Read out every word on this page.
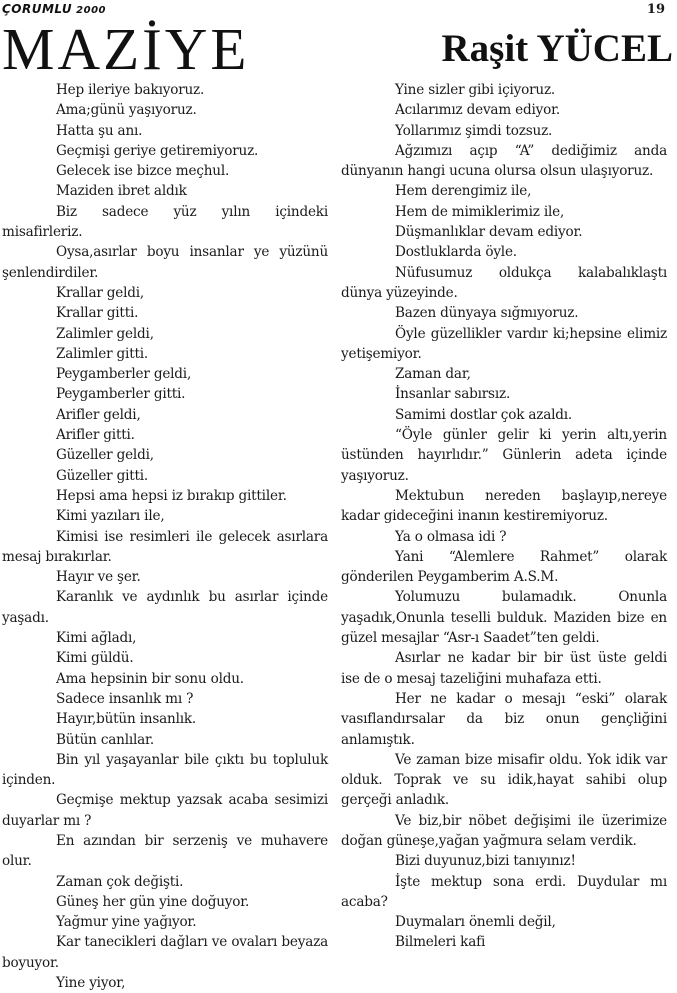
ÇORUMLU 2000	19
MAZİYE	Raşit YÜCEL

Hep ileriye bakıyoruz.

Ama;günü yaşıyoruz.

Hatta şu anı.

Geçmişi geriye getiremiyoruz.

Gelecek ise bizce meçhul.

Maziden ibret aldık

Biz sadece yüz yılın içindeki misafirleriz.

Oysa,asırlar boyu insanlar ye yüzünü şenlendirdiler.

Krallar geldi,

Krallar gitti.

Zalimler geldi,

Zalimler gitti.

Peygamberler geldi,

Peygamberler gitti.

Arifler geldi,

Arifler gitti.

Güzeller geldi,

Güzeller gitti.

Hepsi ama hepsi iz bırakıp gittiler.

Kimi yazıları ile,

Kimisi ise resimleri ile gelecek asırlara mesaj bırakırlar.

Hayır ve şer.

Karanlık ve aydınlık bu asırlar içinde yaşadı.

Kimi ağladı,

Kimi güldü.

Ama hepsinin bir sonu oldu.

Sadece insanlık mı ?

Hayır,bütün insanlık.

Bütün canlılar.

Bin yıl yaşayanlar bile çıktı bu topluluk içinden.

Geçmişe mektup yazsak acaba sesimizi duyarlar mı ?

En azından bir serzeniş ve muhavere olur.

Zaman çok değişti.

Güneş her gün yine doğuyor.

Yağmur yine yağıyor.

Kar tanecikleri dağları ve ovaları beyaza boyuyor.

Yine yiyor,

Yine sizler gibi içiyoruz.

Acılarımız devam ediyor.

Yollarımız şimdi tozsuz.

Ağzımızı açıp “A” dediğimiz anda dünyanın hangi ucuna olursa olsun ulaşıyoruz.

Hem derengimiz ile,

Hem de mimiklerimiz ile,

Düşmanlıklar devam ediyor.

Dostluklarda öyle.

Nüfusumuz oldukça kalabalıklaştı dünya yüzeyinde.

Bazen dünyaya sığmıyoruz.

Öyle güzellikler vardır ki;hepsine elimiz yetişemiyor.

Zaman dar,

İnsanlar sabırsız.

Samimi dostlar çok azaldı.

“Öyle günler gelir ki yerin altı,yerin üstünden hayırlıdır.” Günlerin adeta içinde yaşıyoruz.

Mektubun nereden başlayıp,nereye kadar gideceğini inanın kestiremiyoruz.

Ya o olmasa idi ?

Yani “Alemlere Rahmet” olarak gönderilen Peygamberim A.S.M.

Yolumuzu bulamadık. Onunla yaşadık,Onunla teselli bulduk. Maziden bize en güzel mesajlar “Asr-ı Saadet”ten geldi.

Asırlar ne kadar bir bir üst üste geldi ise de o mesaj tazeliğini muhafaza etti.

Her ne kadar o mesajı “eski” olarak vasıflandırsalar da biz onun gençliğini anlamıştık.

Ve zaman bize misafir oldu. Yok idik var olduk. Toprak ve su idik,hayat sahibi olup gerçeği anladık.

Ve biz,bir nöbet değişimi ile üzerimize doğan güneşe,yağan yağmura selam verdik.

Bizi duyunuz,bizi tanıyınız!

İşte mektup sona erdi. Duydular mı acaba?

Duymaları önemli değil,

Bilmeleri kafi
